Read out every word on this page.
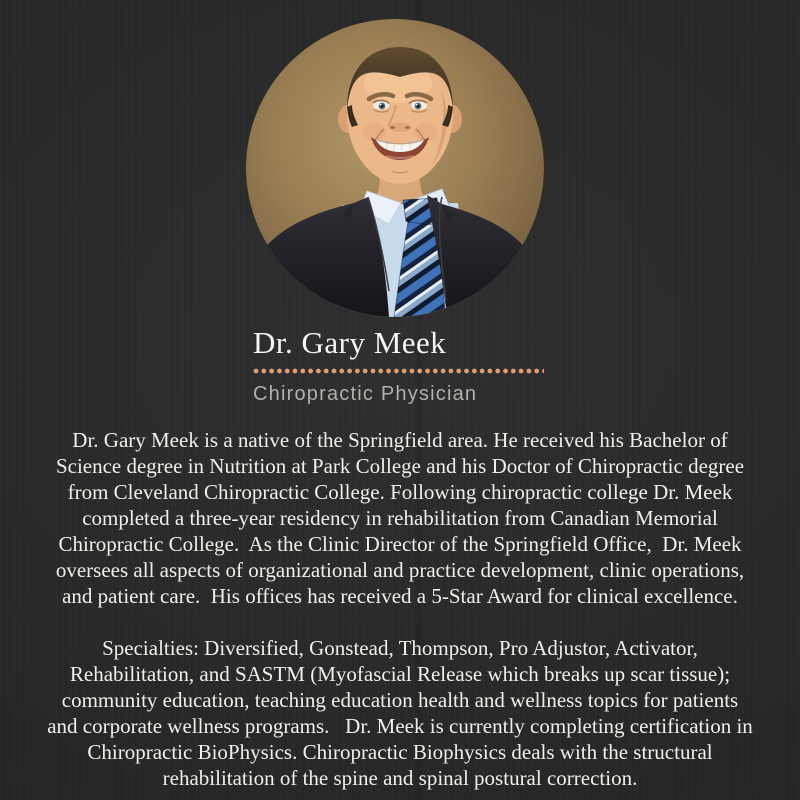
Dr. Gary Meek
Chiropractic Physician
Dr. Gary Meek is a native of the Springfield area. He received his Bachelor of
Science degree in Nutrition at Park College and his Doctor of Chiropractic degree
from Cleveland Chiropractic College. Following chiropractic college Dr. Meek
completed a three-year residency in rehabilitation from Canadian Memorial
Chiropractic College.  As the Clinic Director of the Springfield Office,  Dr. Meek
oversees all aspects of organizational and practice development, clinic operations,
and patient care.  His offices has received a 5-Star Award for clinical excellence.
Specialties: Diversified, Gonstead, Thompson, Pro Adjustor, Activator,
Rehabilitation, and SASTM (Myofascial Release which breaks up scar tissue);
community education, teaching education health and wellness topics for patients
and corporate wellness programs.   Dr. Meek is currently completing certification in
Chiropractic BioPhysics. Chiropractic Biophysics deals with the structural
rehabilitation of the spine and spinal postural correction.
